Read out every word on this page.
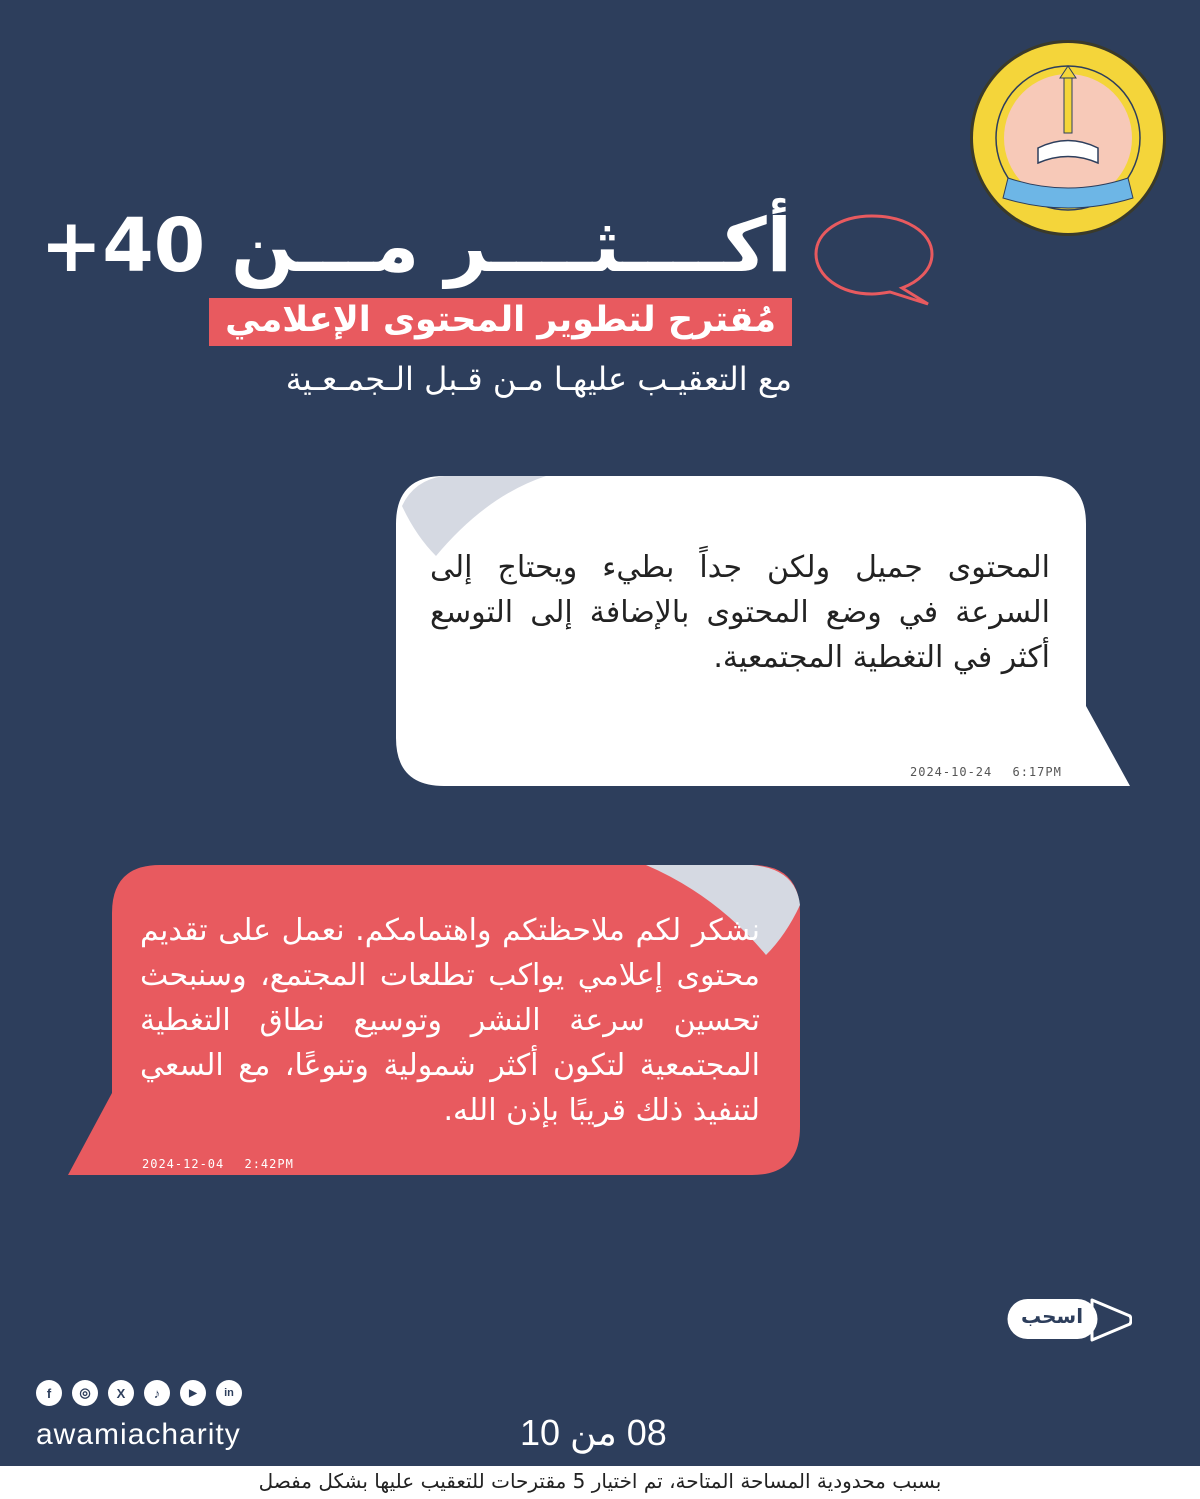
أكــــثــــر مـــن 40+
مُقترح لتطوير المحتوى الإعلامي
مع التعقيـب عليهـا مـن قـبل الـجمـعـية
المحتوى جميل ولكن جداً بطيء ويحتاج إلى السرعة في وضع المحتوى بالإضافة إلى التوسع أكثر في التغطية المجتمعية.
2024-10-24 6:17PM
نشكر لكم ملاحظتكم واهتمامكم. نعمل على تقديم محتوى إعلامي يواكب تطلعات المجتمع، وسنبحث تحسين سرعة النشر وتوسيع نطاق التغطية المجتمعية لتكون أكثر شمولية وتنوعًا، مع السعي لتنفيذ ذلك قريبًا بإذن الله.
2024-12-04 2:42PM
اسحب
f ◎ X ♪	▶ in
awamiacharity	08 من 10
بسبب محدودية المساحة المتاحة، تم اختيار 5 مقترحات للتعقيب عليها بشكل مفصل
